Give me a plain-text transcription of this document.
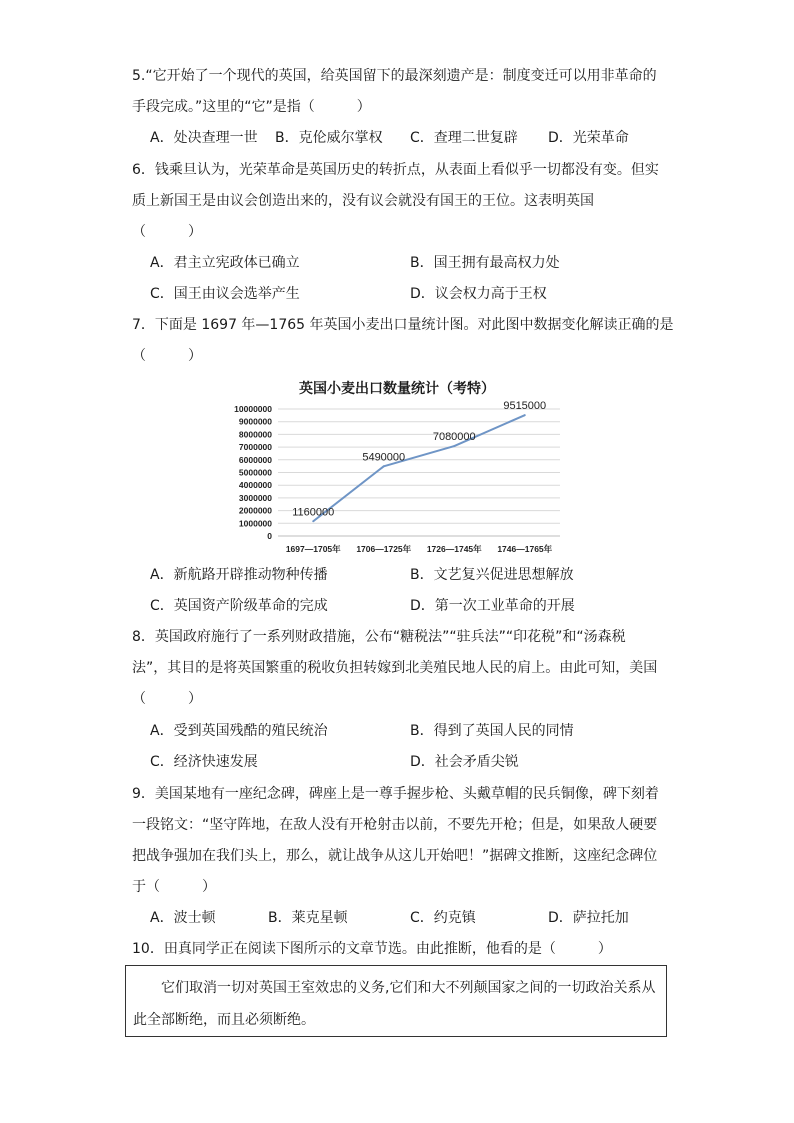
5.“它开始了一个现代的英国，给英国留下的最深刻遗产是：制度变迁可以用非革命的
手段完成。”这里的“它”是指（　　　）
A．处决查理一世 B．克伦威尔掌权 C．查理二世复辟 D．光荣革命
6．钱乘旦认为，光荣革命是英国历史的转折点，从表面上看似乎一切都没有变。但实
质上新国王是由议会创造出来的，没有议会就没有国王的王位。这表明英国
（　　　）
A．君主立宪政体已确立	B．国王拥有最高权力处
C．国王由议会选举产生	D．议会权力高于王权
7．下面是 1697 年—1765 年英国小麦出口量统计图。对此图中数据变化解读正确的是
（　　　）
英国小麦出口数量统计（考特）
0
1000000
2000000
3000000
4000000
5000000
6000000
7000000
8000000
9000000
10000000
1697—1705年 1706—1725年 1726—1745年 1746—1765年
1160000
5490000
7080000
9515000
A．新航路开辟推动物种传播	B．文艺复兴促进思想解放
C．英国资产阶级革命的完成	D．第一次工业革命的开展
8．英国政府施行了一系列财政措施，公布“糖税法”“驻兵法”“印花税”和“汤森税
法”，其目的是将英国繁重的税收负担转嫁到北美殖民地人民的肩上。由此可知，美国
（　　　）
A．受到英国残酷的殖民统治	B．得到了英国人民的同情
C．经济快速发展	D．社会矛盾尖锐
9．美国某地有一座纪念碑，碑座上是一尊手握步枪、头戴草帽的民兵铜像，碑下刻着
一段铭文：“坚守阵地，在敌人没有开枪射击以前，不要先开枪；但是，如果敌人硬要
把战争强加在我们头上，那么，就让战争从这儿开始吧！”据碑文推断，这座纪念碑位
于（　　　）
A．波士顿	B．莱克星顿	C．约克镇	D．萨拉托加
10．田真同学正在阅读下图所示的文章节选。由此推断，他看的是（　　　）
它们取消一切对英国王室效忠的义务,它们和大不列颠国家之间的一切政治关系从
此全部断绝，而且必须断绝。
